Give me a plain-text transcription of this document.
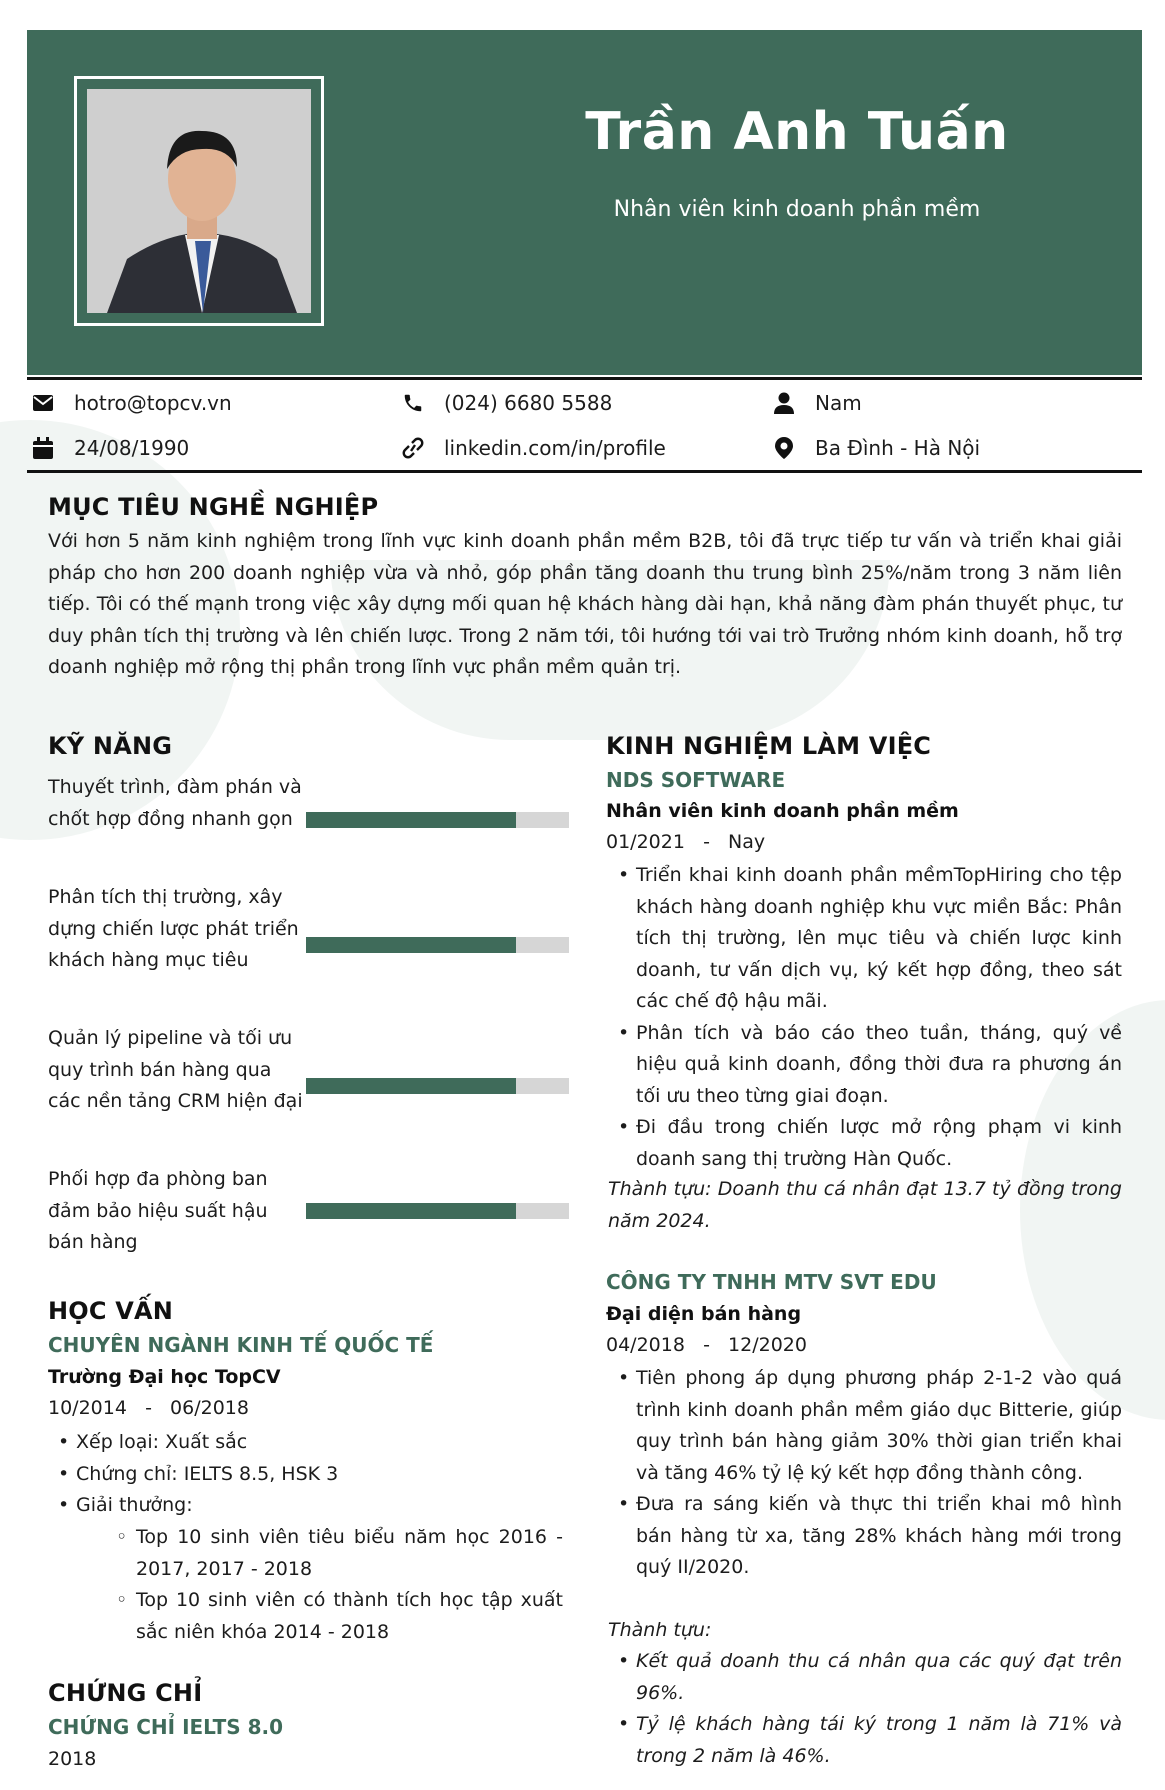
Trần Anh Tuấn
Nhân viên kinh doanh phần mềm
hotro@topcv.vn	(024) 6680 5588	Nam
24/08/1990	linkedin.com/in/profile	Ba Đình - Hà Nội
MỤC TIÊU NGHỀ NGHIỆP
Với hơn 5 năm kinh nghiệm trong lĩnh vực kinh doanh phần mềm B2B, tôi đã trực tiếp tư vấn và triển khai giải pháp cho hơn 200 doanh nghiệp vừa và nhỏ, góp phần tăng doanh thu trung bình 25%/năm trong 3 năm liên tiếp. Tôi có thế mạnh trong việc xây dựng mối quan hệ khách hàng dài hạn, khả năng đàm phán thuyết phục, tư duy phân tích thị trường và lên chiến lược. Trong 2 năm tới, tôi hướng tới vai trò Trưởng nhóm kinh doanh, hỗ trợ doanh nghiệp mở rộng thị phần trong lĩnh vực phần mềm quản trị.
KỸ NĂNG
Thuyết trình, đàm phán và chốt hợp đồng nhanh gọn
Phân tích thị trường, xây dựng chiến lược phát triển khách hàng mục tiêu
Quản lý pipeline và tối ưu quy trình bán hàng qua các nền tảng CRM hiện đại
Phối hợp đa phòng ban đảm bảo hiệu suất hậu bán hàng
HỌC VẤN
CHUYÊN NGÀNH KINH TẾ QUỐC TẾ
Trường Đại học TopCV
10/2014 - 06/2018
• Xếp loại: Xuất sắc
• Chứng chỉ: IELTS 8.5, HSK 3
• Giải thưởng:
◦ Top 10 sinh viên tiêu biểu năm học 2016 - 2017, 2017 - 2018
◦ Top 10 sinh viên có thành tích học tập xuất sắc niên khóa 2014 - 2018
CHỨNG CHỈ
CHỨNG CHỈ IELTS 8.0
2018
KINH NGHIỆM LÀM VIỆC
NDS SOFTWARE
Nhân viên kinh doanh phần mềm
01/2021 - Nay
• Triển khai kinh doanh phần mềmTopHiring cho tệp khách hàng doanh nghiệp khu vực miền Bắc: Phân tích thị trường, lên mục tiêu và chiến lược kinh doanh, tư vấn dịch vụ, ký kết hợp đồng, theo sát các chế độ hậu mãi.
• Phân tích và báo cáo theo tuần, tháng, quý về hiệu quả kinh doanh, đồng thời đưa ra phương án tối ưu theo từng giai đoạn.
• Đi đầu trong chiến lược mở rộng phạm vi kinh doanh sang thị trường Hàn Quốc.
Thành tựu: Doanh thu cá nhân đạt 13.7 tỷ đồng trong năm 2024.
CÔNG TY TNHH MTV SVT EDU
Đại diện bán hàng
04/2018 - 12/2020
• Tiên phong áp dụng phương pháp 2-1-2 vào quá trình kinh doanh phần mềm giáo dục Bitterie, giúp quy trình bán hàng giảm 30% thời gian triển khai và tăng 46% tỷ lệ ký kết hợp đồng thành công.
• Đưa ra sáng kiến và thực thi triển khai mô hình bán hàng từ xa, tăng 28% khách hàng mới trong quý II/2020.
Thành tựu:
• Kết quả doanh thu cá nhân qua các quý đạt trên 96%.
• Tỷ lệ khách hàng tái ký trong 1 năm là 71% và trong 2 năm là 46%.
